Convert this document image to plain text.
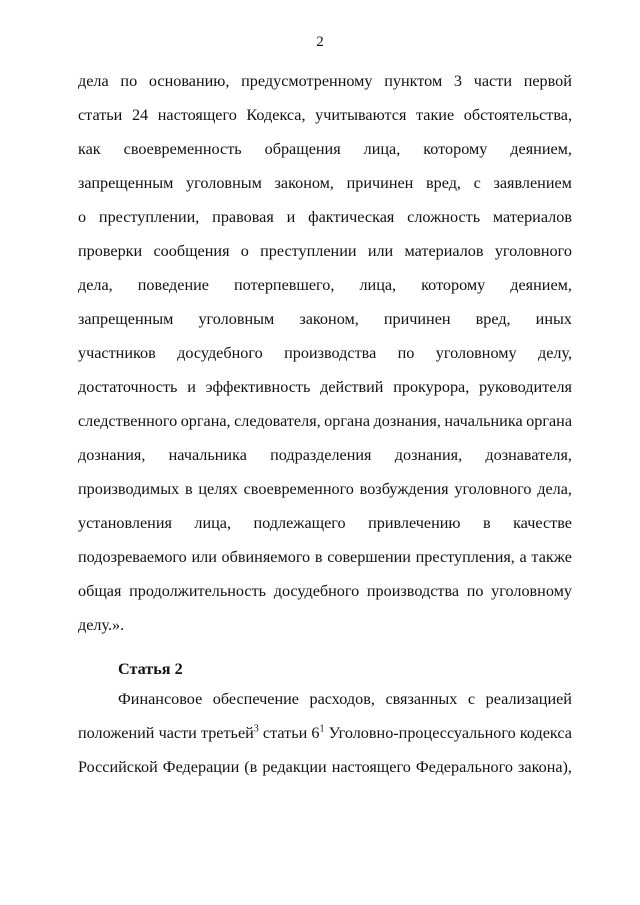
2
дела по основанию, предусмотренному пунктом 3 части первой
статьи 24 настоящего Кодекса, учитываются такие обстоятельства,
как своевременность обращения лица, которому деянием,
запрещенным уголовным законом, причинен вред, с заявлением
о преступлении, правовая и фактическая сложность материалов
проверки сообщения о преступлении или материалов уголовного
дела, поведение потерпевшего, лица, которому деянием,
запрещенным уголовным законом, причинен вред, иных
участников досудебного производства по уголовному делу,
достаточность и эффективность действий прокурора, руководителя
следственного органа, следователя, органа дознания, начальника органа
дознания, начальника подразделения дознания, дознавателя,
производимых в целях своевременного возбуждения уголовного дела,
установления лица, подлежащего привлечению в качестве
подозреваемого или обвиняемого в совершении преступления, а также
общая продолжительность досудебного производства по уголовному
делу.».
Статья 2
Финансовое обеспечение расходов, связанных с реализацией
положений части третьей$^3$ статьи $6^1$ Уголовно-процессуального кодекса
Российской Федерации (в редакции настоящего Федерального закона),
